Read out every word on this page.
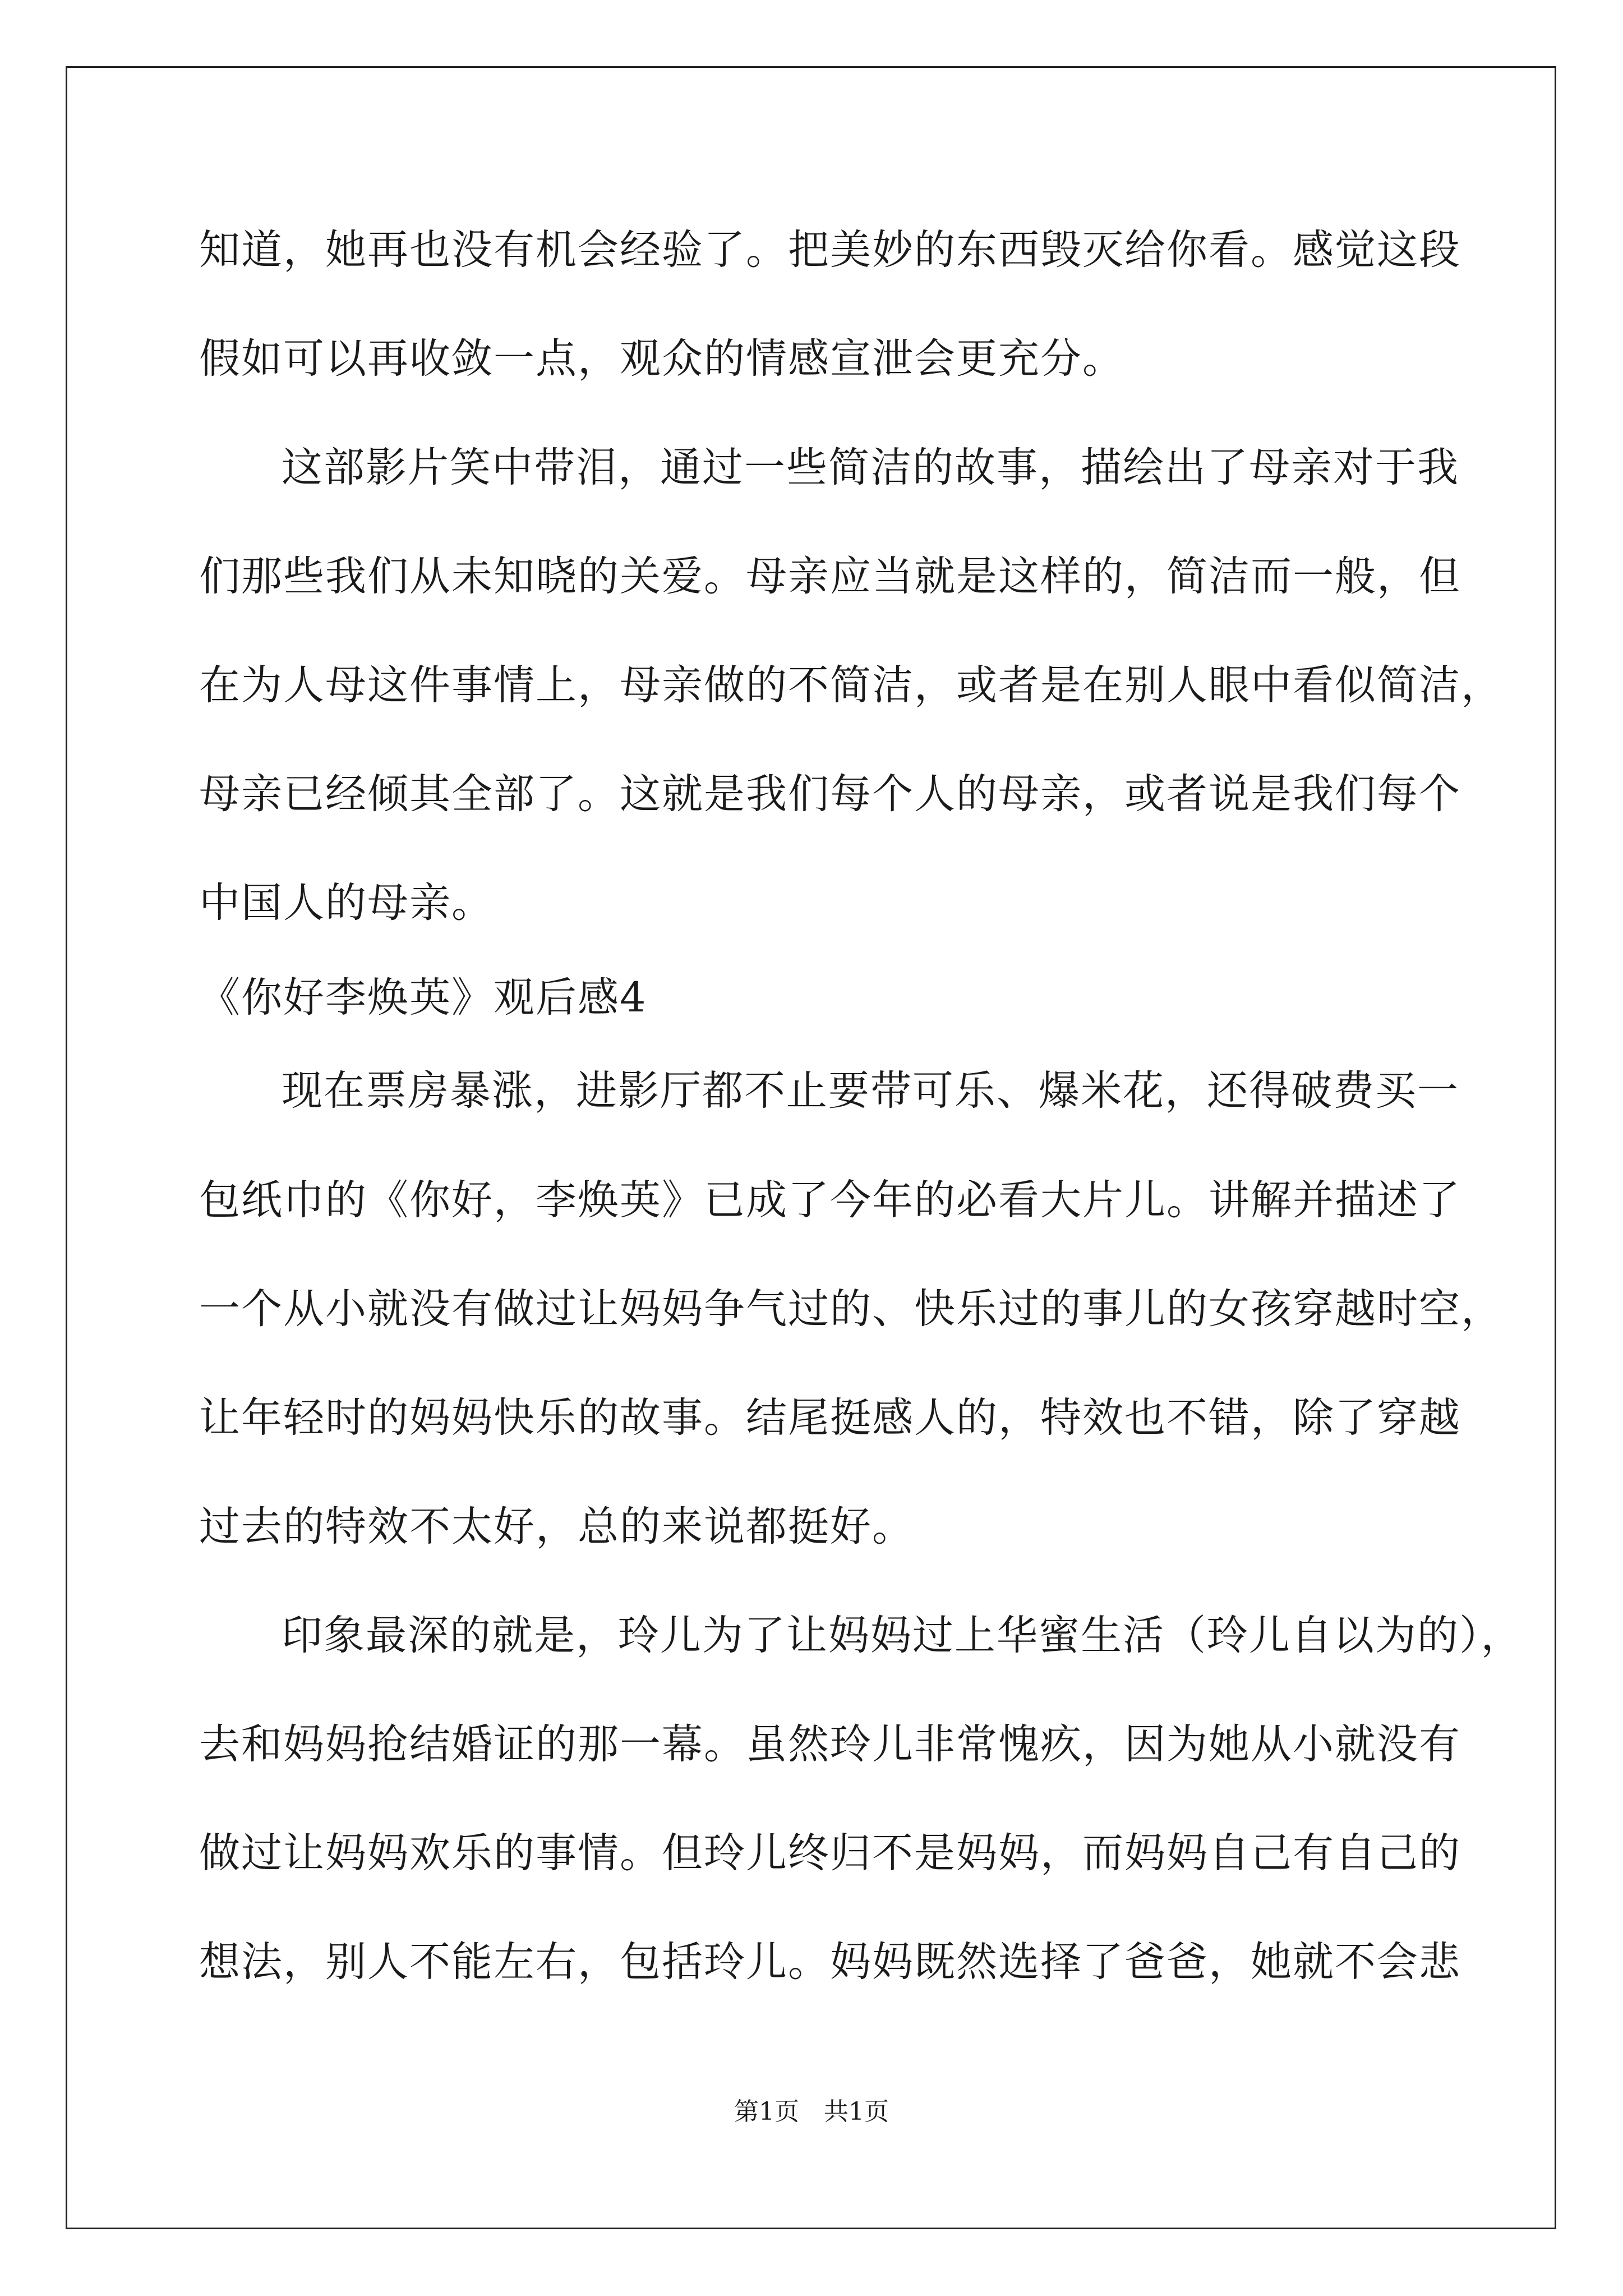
知道，她再也没有机会经验了。把美妙的东西毁灭给你看。感觉这段
假如可以再收敛一点，观众的情感宣泄会更充分。
这部影片笑中带泪，通过一些简洁的故事，描绘出了母亲对于我
们那些我们从未知晓的关爱。母亲应当就是这样的，简洁而一般，但
在为人母这件事情上，母亲做的不简洁，或者是在别人眼中看似简洁，
母亲已经倾其全部了。这就是我们每个人的母亲，或者说是我们每个
中国人的母亲。
《你好李焕英》观后感4
现在票房暴涨，进影厅都不止要带可乐、爆米花，还得破费买一
包纸巾的《你好，李焕英》已成了今年的必看大片儿。讲解并描述了
一个从小就没有做过让妈妈争气过的、快乐过的事儿的女孩穿越时空，
让年轻时的妈妈快乐的故事。结尾挺感人的，特效也不错，除了穿越
过去的特效不太好，总的来说都挺好。
印象最深的就是，玲儿为了让妈妈过上华蜜生活（玲儿自以为的），
去和妈妈抢结婚证的那一幕。虽然玲儿非常愧疚，因为她从小就没有
做过让妈妈欢乐的事情。但玲儿终归不是妈妈，而妈妈自己有自己的
想法，别人不能左右，包括玲儿。妈妈既然选择了爸爸，她就不会悲
第1页　共1页
